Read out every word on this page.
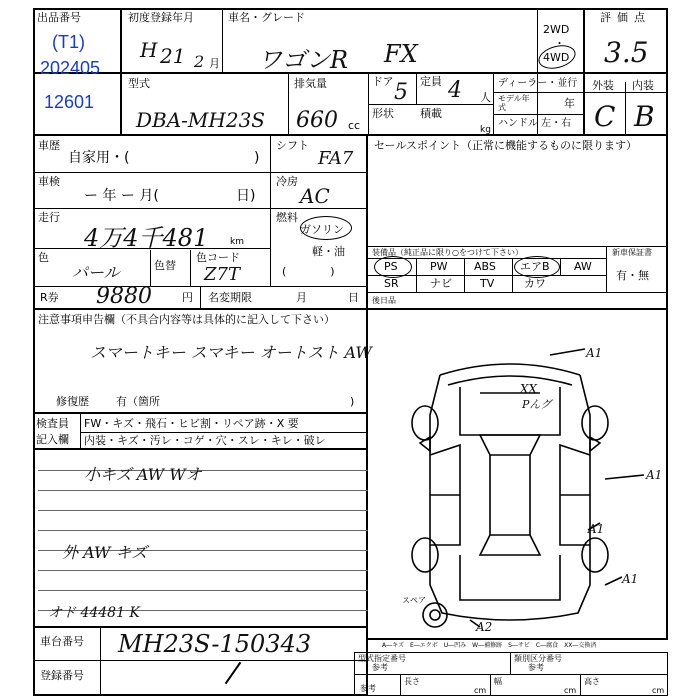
出品番号
(T1)
202405
12601
初度登録年月
H 21 2 月
車名・グレード
ワゴンR FX
2WD
・
4WD
評価点
3.5
型式
DBA-MH23S
排気量
660 cc
ドア 5 定員 4 人
形状 積載
kg
ディーラー・並行
モデル年式	年
ハンドル 左・右
外装 内装
C B
車歴
自家用・(	)
シフト
FA7
車検
ー 年 ー 月(	日)
冷房
AC
走行
4万4千481 km
燃料
ガソリン
軽・油
(　　　　)
色
パール	色替
色コード
Z7T
R券 9880	円 名変期限	月	日
セールスポイント（正常に機能するものに限ります）
装備品（純正品に限り○をつけて下さい）	新車保証書
有・無
PS	PW ABS エアB AW
SR	ナビ	TV	カワ
後日品
注意事項申告欄（不具合内容等は具体的に記入して下さい）
スマートキー スマキー オートスト AW
修復歴 有（箇所	)
検査員
記入欄
FW・キズ・飛石・ヒビ割・リペア跡・X 要
内装・キズ・汚レ・コゲ・穴・スレ・キレ・破レ
小キズ AW Wオ
外 AW キズ
オド 44481 K
A1
A1
A1
A1
A2
XX
Pんグ
スペア
A―キズ　E―エクボ　U―凹み　W―補修跡　S―サビ　C―腐食　XX―交換済
車台番号 MH23S-150343
登録番号
型式指定番号
参考
類別区分番号
参考
参考
長さ
cm
幅
cm
高さ
cm
